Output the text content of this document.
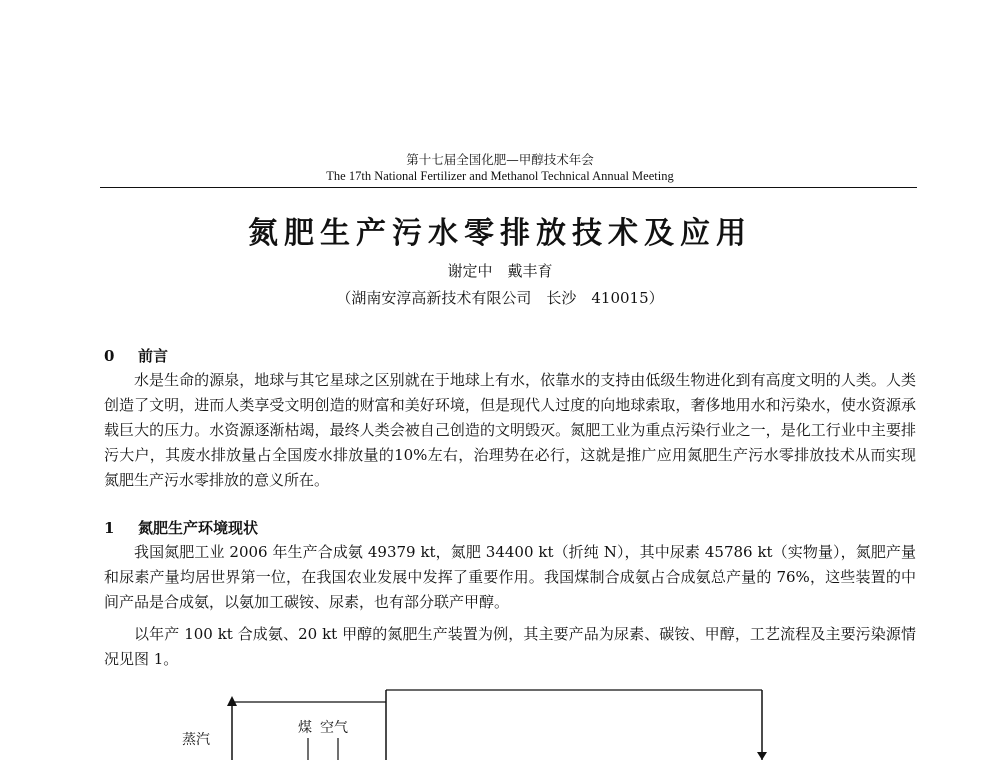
第十七届全国化肥—甲醇技术年会
The 17th National Fertilizer and Methanol Technical Annual Meeting
氮肥生产污水零排放技术及应用
谢定中　戴丰育
（湖南安淳高新技术有限公司　长沙　410015）
0 前言
水是生命的源泉，地球与其它星球之区别就在于地球上有水，依靠水的支持由低级生物进化到有高度文明的人类。人类创造了文明，进而人类享受文明创造的财富和美好环境，但是现代人过度的向地球索取，奢侈地用水和污染水，使水资源承载巨大的压力。水资源逐渐枯竭，最终人类会被自己创造的文明毁灭。氮肥工业为重点污染行业之一，是化工行业中主要排污大户，其废水排放量占全国废水排放量的10%左右，治理势在必行，这就是推广应用氮肥生产污水零排放技术从而实现氮肥生产污水零排放的意义所在。
1 氮肥生产环境现状
我国氮肥工业 2006 年生产合成氨 49379 kt，氮肥 34400 kt（折纯 N），其中尿素 45786 kt（实物量），氮肥产量和尿素产量均居世界第一位，在我国农业发展中发挥了重要作用。我国煤制合成氨占合成氨总产量的 76%，这些装置的中间产品是合成氨，以氨加工碳铵、尿素，也有部分联产甲醇。
以年产 100 kt 合成氨、20 kt 甲醇的氮肥生产装置为例，其主要产品为尿素、碳铵、甲醇，工艺流程及主要污染源情况见图 1。
蒸汽
煤 空气
